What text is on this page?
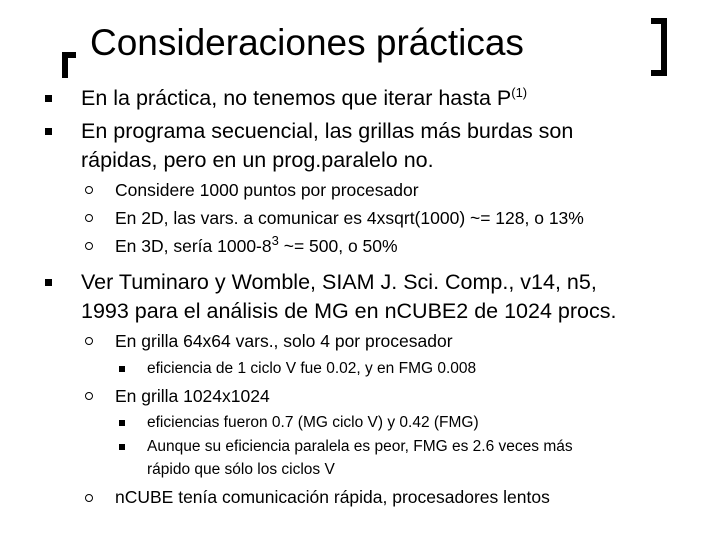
Consideraciones prácticas
En la práctica, no tenemos que iterar hasta $P^{(1)}$
En programa secuencial, las grillas más burdas son
rápidas, pero en un prog.paralelo no.
Considere 1000 puntos por procesador
En 2D, las vars. a comunicar es 4xsqrt(1000) ~= 128, o 13%
En 3D, sería $1000-8^3$ ~= 500, o 50%
Ver Tuminaro y Womble, SIAM J. Sci. Comp., v14, n5,
1993 para el análisis de MG en nCUBE2 de 1024 procs.
En grilla 64x64 vars., solo 4 por procesador
eficiencia de 1 ciclo V fue 0.02, y en FMG 0.008
En grilla 1024x1024
eficiencias fueron 0.7 (MG ciclo V) y 0.42 (FMG)
Aunque su eficiencia paralela es peor, FMG es 2.6 veces más
rápido que sólo los ciclos V
nCUBE tenía comunicación rápida, procesadores lentos
